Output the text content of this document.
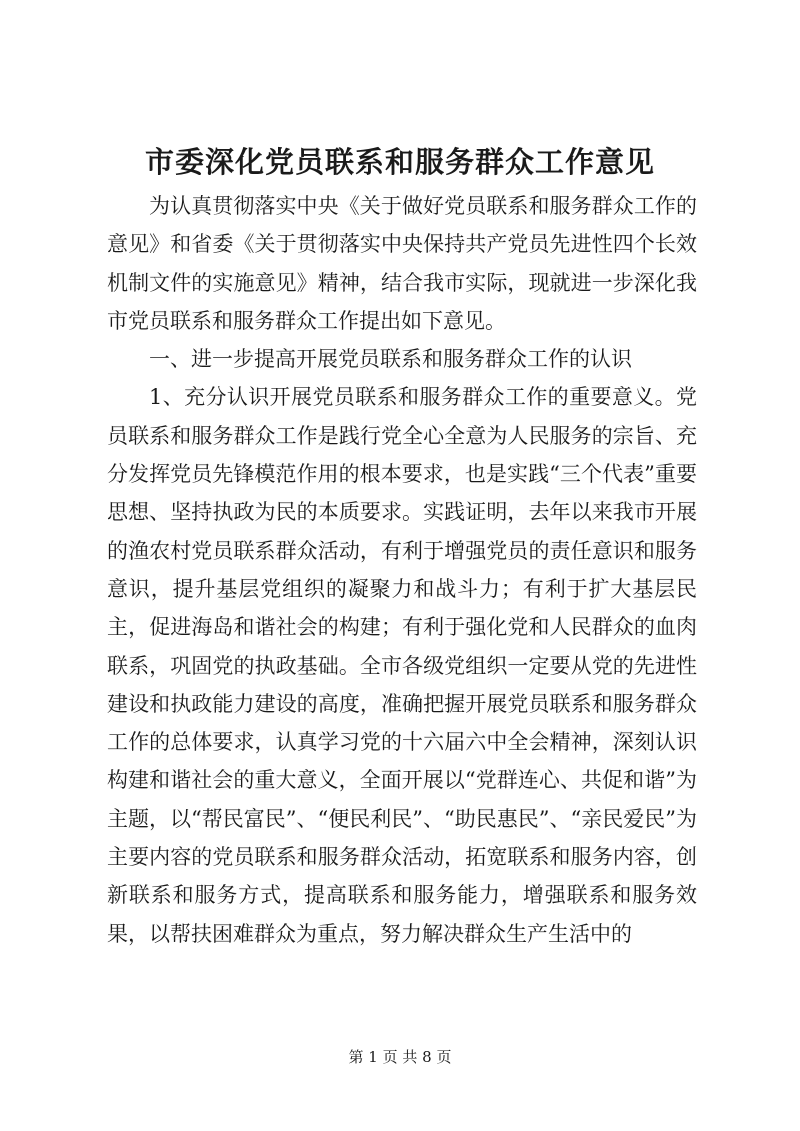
市委深化党员联系和服务群众工作意见

为认真贯彻落实中央《关于做好党员联系和服务群众工作的意见》和省委《关于贯彻落实中央保持共产党员先进性四个长效机制文件的实施意见》精神，结合我市实际，现就进一步深化我市党员联系和服务群众工作提出如下意见。

一、进一步提高开展党员联系和服务群众工作的认识

1、充分认识开展党员联系和服务群众工作的重要意义。党员联系和服务群众工作是践行党全心全意为人民服务的宗旨、充分发挥党员先锋模范作用的根本要求，也是实践“三个代表”重要思想、坚持执政为民的本质要求。实践证明，去年以来我市开展的渔农村党员联系群众活动，有利于增强党员的责任意识和服务意识，提升基层党组织的凝聚力和战斗力；有利于扩大基层民主，促进海岛和谐社会的构建；有利于强化党和人民群众的血肉联系，巩固党的执政基础。全市各级党组织一定要从党的先进性建设和执政能力建设的高度，准确把握开展党员联系和服务群众工作的总体要求，认真学习党的十六届六中全会精神，深刻认识构建和谐社会的重大意义，全面开展以“党群连心、共促和谐”为主题，以“帮民富民”、“便民利民”、“助民惠民”、“亲民爱民”为主要内容的党员联系和服务群众活动，拓宽联系和服务内容，创新联系和服务方式，提高联系和服务能力，增强联系和服务效果，以帮扶困难群众为重点，努力解决群众生产生活中的

第 1 页 共 8 页
